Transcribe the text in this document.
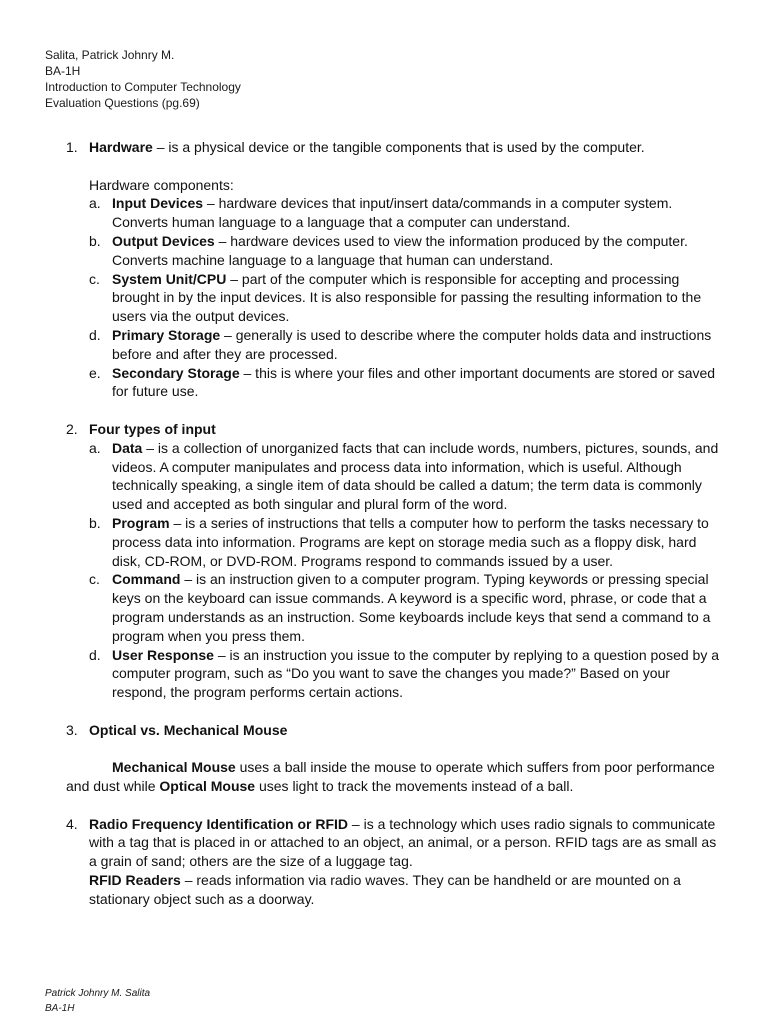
Salita, Patrick Johnry M.
BA-1H
Introduction to Computer Technology
Evaluation Questions (pg.69)
1. Hardware – is a physical device or the tangible components that is used by the computer.
Hardware components:
a. Input Devices – hardware devices that input/insert data/commands in a computer system. Converts human language to a language that a computer can understand.
b. Output Devices – hardware devices used to view the information produced by the computer. Converts machine language to a language that human can understand.
c. System Unit/CPU – part of the computer which is responsible for accepting and processing brought in by the input devices. It is also responsible for passing the resulting information to the users via the output devices.
d. Primary Storage – generally is used to describe where the computer holds data and instructions before and after they are processed.
e. Secondary Storage – this is where your files and other important documents are stored or saved for future use.
2. Four types of input
a. Data – is a collection of unorganized facts that can include words, numbers, pictures, sounds, and videos. A computer manipulates and process data into information, which is useful. Although technically speaking, a single item of data should be called a datum; the term data is commonly used and accepted as both singular and plural form of the word.
b. Program – is a series of instructions that tells a computer how to perform the tasks necessary to process data into information. Programs are kept on storage media such as a floppy disk, hard disk, CD-ROM, or DVD-ROM. Programs respond to commands issued by a user.
c. Command – is an instruction given to a computer program. Typing keywords or pressing special keys on the keyboard can issue commands. A keyword is a specific word, phrase, or code that a program understands as an instruction. Some keyboards include keys that send a command to a program when you press them.
d. User Response – is an instruction you issue to the computer by replying to a question posed by a computer program, such as “Do you want to save the changes you made?” Based on your respond, the program performs certain actions.
3. Optical vs. Mechanical Mouse
Mechanical Mouse uses a ball inside the mouse to operate which suffers from poor performance and dust while Optical Mouse uses light to track the movements instead of a ball.
4. Radio Frequency Identification or RFID – is a technology which uses radio signals to communicate with a tag that is placed in or attached to an object, an animal, or a person. RFID tags are as small as a grain of sand; others are the size of a luggage tag.
RFID Readers – reads information via radio waves. They can be handheld or are mounted on a stationary object such as a doorway.
Patrick Johnry M. Salita
BA-1H
